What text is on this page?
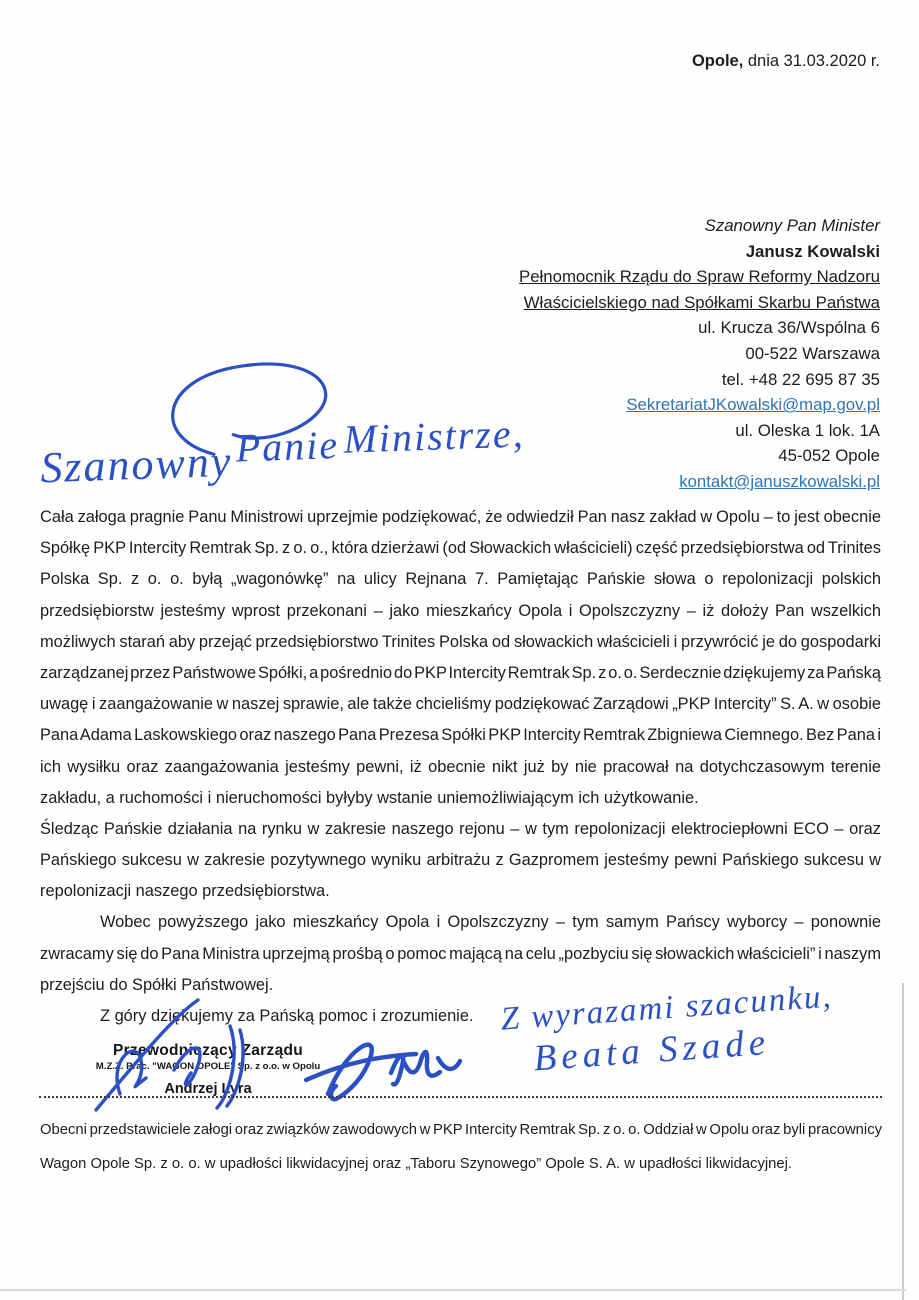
Opole, dnia 31.03.2020 r.
Szanowny Pan Minister
Janusz Kowalski
Pełnomocnik Rządu do Spraw Reformy Nadzoru
Właścicielskiego nad Spółkami Skarbu Państwa
ul. Krucza 36/Wspólna 6
00-522 Warszawa
tel. +48 22 695 87 35
SekretariatJKowalski@map.gov.pl
ul. Oleska 1 lok. 1A
45-052 Opole
kontakt@januszkowalski.pl
Szanowny Panie Ministrze,
Cała załoga pragnie Panu Ministrowi uprzejmie podziękować, że odwiedził Pan nasz zakład w Opolu – to jest obecnie
Spółkę PKP Intercity Remtrak Sp. z o. o., która dzierżawi (od Słowackich właścicieli) część przedsiębiorstwa od Trinites
Polska Sp. z o. o. byłą „wagonówkę” na ulicy Rejnana 7. Pamiętając Pańskie słowa o repolonizacji polskich
przedsiębiorstw jesteśmy wprost przekonani – jako mieszkańcy Opola i Opolszczyzny – iż dołoży Pan wszelkich
możliwych starań aby przejąć przedsiębiorstwo Trinites Polska od słowackich właścicieli i przywrócić je do gospodarki
zarządzanej przez Państwowe Spółki, a pośrednio do PKP Intercity Remtrak Sp. z o. o. Serdecznie dziękujemy za Pańską
uwagę i zaangażowanie w naszej sprawie, ale także chcieliśmy podziękować Zarządowi „PKP Intercity” S. A. w osobie
Pana Adama Laskowskiego oraz naszego Pana Prezesa Spółki PKP Intercity Remtrak Zbigniewa Ciemnego. Bez Pana i
ich wysiłku oraz zaangażowania jesteśmy pewni, iż obecnie nikt już by nie pracował na dotychczasowym terenie
zakładu, a ruchomości i nieruchomości byłyby wstanie uniemożliwiającym ich użytkowanie.
Śledząc Pańskie działania na rynku w zakresie naszego rejonu – w tym repolonizacji elektrociepłowni ECO – oraz
Pańskiego sukcesu w zakresie pozytywnego wyniku arbitrażu z Gazpromem jesteśmy pewni Pańskiego sukcesu w
repolonizacji naszego przedsiębiorstwa.
Wobec powyższego jako mieszkańcy Opola i Opolszczyzny – tym samym Pańscy wyborcy – ponownie
zwracamy się do Pana Ministra uprzejmą prośbą o pomoc mającą na celu „pozbyciu się słowackich właścicieli” i naszym
przejściu do Spółki Państwowej.
Z góry dziękujemy za Pańską pomoc i zrozumienie. Z wyrazami szacunku,
Beata Szade
Przewodniczący Zarządu
M.Z.Z. Prac. "WAGON OPOLE" Sp. z o.o. w Opolu
Andrzej Lyra
Obecni przedstawiciele załogi oraz związków zawodowych w PKP Intercity Remtrak Sp. z o. o. Oddział w Opolu oraz byli pracownicy
Wagon Opole Sp. z o. o. w upadłości likwidacyjnej oraz „Taboru Szynowego” Opole S. A. w upadłości likwidacyjnej.
